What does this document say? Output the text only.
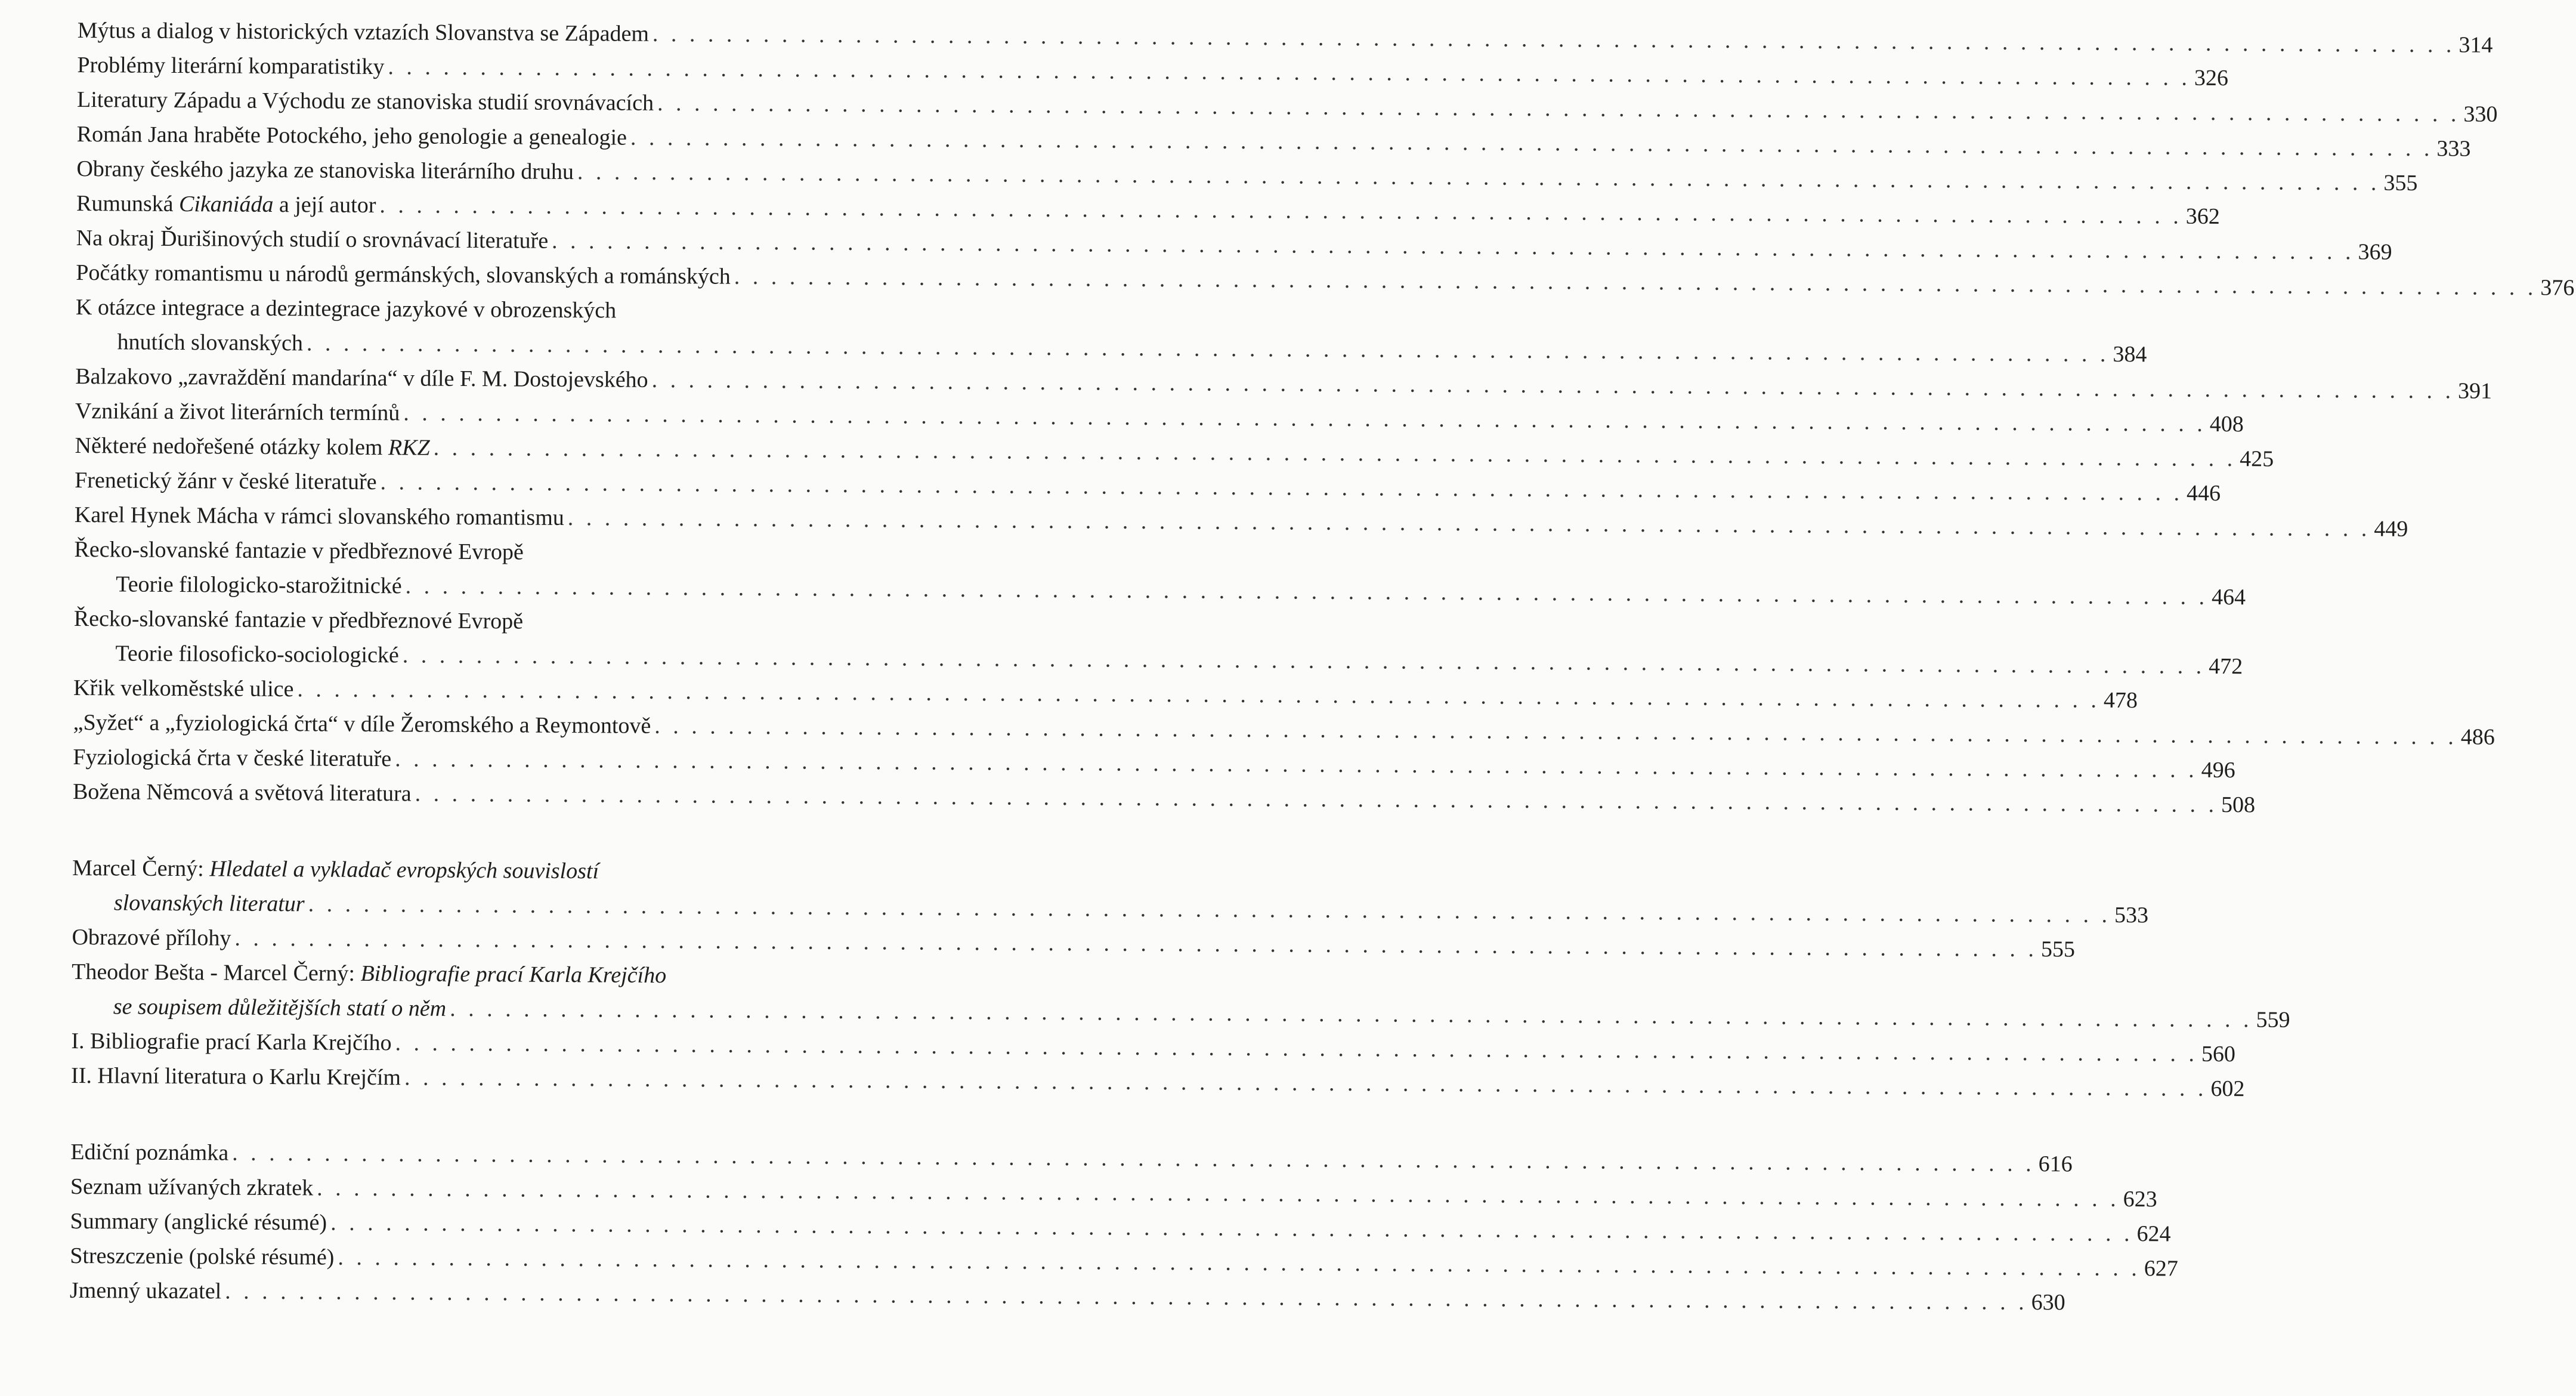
Mýtus a dialog v historických vztazích Slovanstva se Západem . . . . . . . . . . . . . . . . . . . . . . . . . . . . . . . . . . . . . . . . . . . . . . . . . . . . . . . . . . . . . . . . . . . . . . . . . . . . . . . . . . . . . . . . . . . . . . . . . . 314
Problémy literární komparatistiky . . . . . . . . . . . . . . . . . . . . . . . . . . . . . . . . . . . . . . . . . . . . . . . . . . . . . . . . . . . . . . . . . . . . . . . . . . . . . . . . . . . . . . . . . . . . . . . . . . 326
Literatury Západu a Východu ze stanoviska studií srovnávacích . . . . . . . . . . . . . . . . . . . . . . . . . . . . . . . . . . . . . . . . . . . . . . . . . . . . . . . . . . . . . . . . . . . . . . . . . . . . . . . . . . . . . . . . . . . . . . . . . . 330
Román Jana hraběte Potockého, jeho genologie a genealogie . . . . . . . . . . . . . . . . . . . . . . . . . . . . . . . . . . . . . . . . . . . . . . . . . . . . . . . . . . . . . . . . . . . . . . . . . . . . . . . . . . . . . . . . . . . . . . . . . . 333
Obrany českého jazyka ze stanoviska literárního druhu . . . . . . . . . . . . . . . . . . . . . . . . . . . . . . . . . . . . . . . . . . . . . . . . . . . . . . . . . . . . . . . . . . . . . . . . . . . . . . . . . . . . . . . . . . . . . . . . . . 355
Rumunská Cikaniáda a její autor . . . . . . . . . . . . . . . . . . . . . . . . . . . . . . . . . . . . . . . . . . . . . . . . . . . . . . . . . . . . . . . . . . . . . . . . . . . . . . . . . . . . . . . . . . . . . . . . . . 362
Na okraj Ďurišinových studií o srovnávací literatuře . . . . . . . . . . . . . . . . . . . . . . . . . . . . . . . . . . . . . . . . . . . . . . . . . . . . . . . . . . . . . . . . . . . . . . . . . . . . . . . . . . . . . . . . . . . . . . . . . . 369
Počátky romantismu u národů germánských, slovanských a románských . . . . . . . . . . . . . . . . . . . . . . . . . . . . . . . . . . . . . . . . . . . . . . . . . . . . . . . . . . . . . . . . . . . . . . . . . . . . . . . . . . . . . . . . . . . . . . . . . . 376
K otázce integrace a dezintegrace jazykové v obrozenských
hnutích slovanských . . . . . . . . . . . . . . . . . . . . . . . . . . . . . . . . . . . . . . . . . . . . . . . . . . . . . . . . . . . . . . . . . . . . . . . . . . . . . . . . . . . . . . . . . . . . . . . . . . 384
Balzakovo „zavraždění mandarína“ v díle F. M. Dostojevského . . . . . . . . . . . . . . . . . . . . . . . . . . . . . . . . . . . . . . . . . . . . . . . . . . . . . . . . . . . . . . . . . . . . . . . . . . . . . . . . . . . . . . . . . . . . . . . . . . 391
Vznikání a život literárních termínů . . . . . . . . . . . . . . . . . . . . . . . . . . . . . . . . . . . . . . . . . . . . . . . . . . . . . . . . . . . . . . . . . . . . . . . . . . . . . . . . . . . . . . . . . . . . . . . . . . 408
Některé nedořešené otázky kolem RKZ . . . . . . . . . . . . . . . . . . . . . . . . . . . . . . . . . . . . . . . . . . . . . . . . . . . . . . . . . . . . . . . . . . . . . . . . . . . . . . . . . . . . . . . . . . . . . . . . . . 425
Frenetický žánr v české literatuře . . . . . . . . . . . . . . . . . . . . . . . . . . . . . . . . . . . . . . . . . . . . . . . . . . . . . . . . . . . . . . . . . . . . . . . . . . . . . . . . . . . . . . . . . . . . . . . . . . 446
Karel Hynek Mácha v rámci slovanského romantismu . . . . . . . . . . . . . . . . . . . . . . . . . . . . . . . . . . . . . . . . . . . . . . . . . . . . . . . . . . . . . . . . . . . . . . . . . . . . . . . . . . . . . . . . . . . . . . . . . . 449
Řecko-slovanské fantazie v předbřeznové Evropě
Teorie filologicko-starožitnické . . . . . . . . . . . . . . . . . . . . . . . . . . . . . . . . . . . . . . . . . . . . . . . . . . . . . . . . . . . . . . . . . . . . . . . . . . . . . . . . . . . . . . . . . . . . . . . . . . 464
Řecko-slovanské fantazie v předbřeznové Evropě
Teorie filosoficko-sociologické . . . . . . . . . . . . . . . . . . . . . . . . . . . . . . . . . . . . . . . . . . . . . . . . . . . . . . . . . . . . . . . . . . . . . . . . . . . . . . . . . . . . . . . . . . . . . . . . . . 472
Křik velkoměstské ulice . . . . . . . . . . . . . . . . . . . . . . . . . . . . . . . . . . . . . . . . . . . . . . . . . . . . . . . . . . . . . . . . . . . . . . . . . . . . . . . . . . . . . . . . . . . . . . . . . . 478
„Syžet“ a „fyziologická črta“ v díle Žeromského a Reymontově . . . . . . . . . . . . . . . . . . . . . . . . . . . . . . . . . . . . . . . . . . . . . . . . . . . . . . . . . . . . . . . . . . . . . . . . . . . . . . . . . . . . . . . . . . . . . . . . . . 486
Fyziologická črta v české literatuře . . . . . . . . . . . . . . . . . . . . . . . . . . . . . . . . . . . . . . . . . . . . . . . . . . . . . . . . . . . . . . . . . . . . . . . . . . . . . . . . . . . . . . . . . . . . . . . . . . 496
Božena Němcová a světová literatura . . . . . . . . . . . . . . . . . . . . . . . . . . . . . . . . . . . . . . . . . . . . . . . . . . . . . . . . . . . . . . . . . . . . . . . . . . . . . . . . . . . . . . . . . . . . . . . . . . 508
Marcel Černý: Hledatel a vykladač evropských souvislostí
slovanských literatur . . . . . . . . . . . . . . . . . . . . . . . . . . . . . . . . . . . . . . . . . . . . . . . . . . . . . . . . . . . . . . . . . . . . . . . . . . . . . . . . . . . . . . . . . . . . . . . . . . 533
Obrazové přílohy . . . . . . . . . . . . . . . . . . . . . . . . . . . . . . . . . . . . . . . . . . . . . . . . . . . . . . . . . . . . . . . . . . . . . . . . . . . . . . . . . . . . . . . . . . . . . . . . . . 555
Theodor Bešta - Marcel Černý: Bibliografie prací Karla Krejčího
se soupisem důležitějších statí o něm . . . . . . . . . . . . . . . . . . . . . . . . . . . . . . . . . . . . . . . . . . . . . . . . . . . . . . . . . . . . . . . . . . . . . . . . . . . . . . . . . . . . . . . . . . . . . . . . . . 559
I. Bibliografie prací Karla Krejčího . . . . . . . . . . . . . . . . . . . . . . . . . . . . . . . . . . . . . . . . . . . . . . . . . . . . . . . . . . . . . . . . . . . . . . . . . . . . . . . . . . . . . . . . . . . . . . . . . . 560
II. Hlavní literatura o Karlu Krejčím . . . . . . . . . . . . . . . . . . . . . . . . . . . . . . . . . . . . . . . . . . . . . . . . . . . . . . . . . . . . . . . . . . . . . . . . . . . . . . . . . . . . . . . . . . . . . . . . . . 602
Ediční poznámka . . . . . . . . . . . . . . . . . . . . . . . . . . . . . . . . . . . . . . . . . . . . . . . . . . . . . . . . . . . . . . . . . . . . . . . . . . . . . . . . . . . . . . . . . . . . . . . . . . 616
Seznam užívaných zkratek . . . . . . . . . . . . . . . . . . . . . . . . . . . . . . . . . . . . . . . . . . . . . . . . . . . . . . . . . . . . . . . . . . . . . . . . . . . . . . . . . . . . . . . . . . . . . . . . . . 623
Summary (anglické résumé) . . . . . . . . . . . . . . . . . . . . . . . . . . . . . . . . . . . . . . . . . . . . . . . . . . . . . . . . . . . . . . . . . . . . . . . . . . . . . . . . . . . . . . . . . . . . . . . . . . 624
Streszczenie (polské résumé) . . . . . . . . . . . . . . . . . . . . . . . . . . . . . . . . . . . . . . . . . . . . . . . . . . . . . . . . . . . . . . . . . . . . . . . . . . . . . . . . . . . . . . . . . . . . . . . . . . 627
Jmenný ukazatel . . . . . . . . . . . . . . . . . . . . . . . . . . . . . . . . . . . . . . . . . . . . . . . . . . . . . . . . . . . . . . . . . . . . . . . . . . . . . . . . . . . . . . . . . . . . . . . . . . 630
